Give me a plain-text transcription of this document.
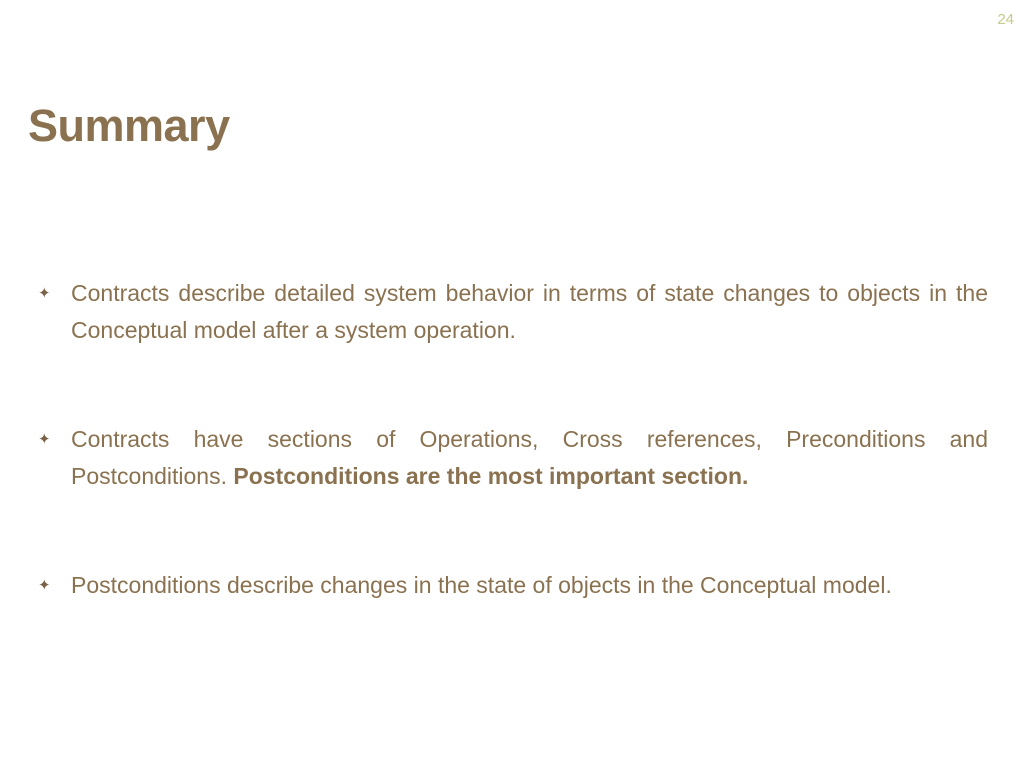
24
Summary
✦ Contracts describe detailed system behavior in terms of state changes to objects in the Conceptual model after a system operation.
✦ Contracts have sections of Operations, Cross references, Preconditions and Postconditions. Postconditions are the most important section.
✦ Postconditions describe changes in the state of objects in the Conceptual model.
